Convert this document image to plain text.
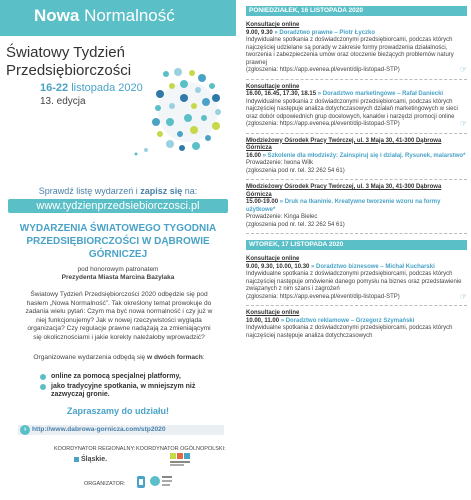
Nowa Normalność
Światowy Tydzień
Przedsiębiorczości
16-22 listopada 2020
13. edycja
Sprawdź listę wydarzeń i zapisz się na:
www.tydzienprzedsiebiorczosci.pl
WYDARZENIA ŚWIATOWEGO TYGODNIA PRZEDSIĘBIORCZOŚCI W DĄBROWIE GÓRNICZEJ
pod honorowym patronatem
Prezydenta Miasta Marcina Bazylaka
Światowy Tydzień Przedsiębiorczości 2020 odbędzie się pod hasłem „Nowa Normalność”. Tak określony temat prowokuje do zadania wielu pytań: Czym ma być nowa normalność i czy już w niej funkcjonujemy? Jak w nowej rzeczywistości wygląda organizacja? Czy regulacje prawne nadążają za zmieniającymi się okolicznościami i jakie korekty należałoby wprowadzić?
Organizowane wydarzenia odbędą się w dwóch formach:
online za pomocą specjalnej platformy,
jako tradycyjne spotkania, w mniejszym niż zazwyczaj gronie.
Zapraszamy do udziału!
› http://www.dabrowa-gornicza.com/stp2020
KOORDYNATOR REGIONALNY: KOORDYNATOR OGÓLNOPOLSKI:
Śląskie.
ORGANIZATOR:
PONIEDZIAŁEK, 16 LISTOPADA 2020
Konsultacje online
9.00, 9.30 » Doradztwo prawne – Piotr Łyczko
Indywidualne spotkania z doświadczonymi przedsiębiorcami, podczas których najczęściej udzielane są porady w zakresie formy prowadzenia działalności, tworzenia i zabezpieczenia umów oraz otoczenie bieżących problemów natury prawnej
(zgłoszenia: https://app.evenea.pl/event/dip-listopad-STP)	☞
Konsultacje online
16.00, 16.45, 17.30, 18.15 » Doradztwo marketingowe – Rafał Daniecki
Indywidualne spotkania z doświadczonymi przedsiębiorcami, podczas których najczęściej następuje analiza dotychczasowych działań marketingowych w sieci oraz dobór odpowiednich grup docelowych, kanałów i narzędzi promocji online
(zgłoszenia: https://app.evenea.pl/event/dip-listopad-STP)	☞
Młodzieżowy Ośrodek Pracy Twórczej, ul. 3 Maja 30, 41-300 Dąbrowa Górnicza
16.00 » Szkolenie dla młodzieży: Zainspiruj się i działaj. Rysunek, malarstwo*
Prowadzenie: Iwona Wilk
(zgłoszenia pod nr. tel. 32 262 54 61)
Młodzieżowy Ośrodek Pracy Twórczej, ul. 3 Maja 30, 41-300 Dąbrowa Górnicza
15.00-19.00 » Druk na tkaninie. Kreatywne tworzenie wzoru na formy użytkowe*
Prowadzenie: Kinga Bielec
(zgłoszenia pod nr. tel. 32 262 54 61)
WTOREK, 17 LISTOPADA 2020
Konsultacje online
9.00, 9.30, 10.00, 10.30 » Doradztwo biznesowe – Michał Kucharski
Indywidualne spotkania z doświadczonymi przedsiębiorcami, podczas których najczęściej następuje omówienie danego pomysłu na biznes oraz przedstawienie związanych z nim szans i zagrożeń
(zgłoszenia: https://app.evenea.pl/event/dip-listopad-STP)	☞
Konsultacje online
10.00, 11.00 » Doradztwo reklamowe – Grzegorz Szymański
Indywidualne spotkania z doświadczonymi przedsiębiorcami, podczas których najczęściej następuje analiza dotychczasowych
